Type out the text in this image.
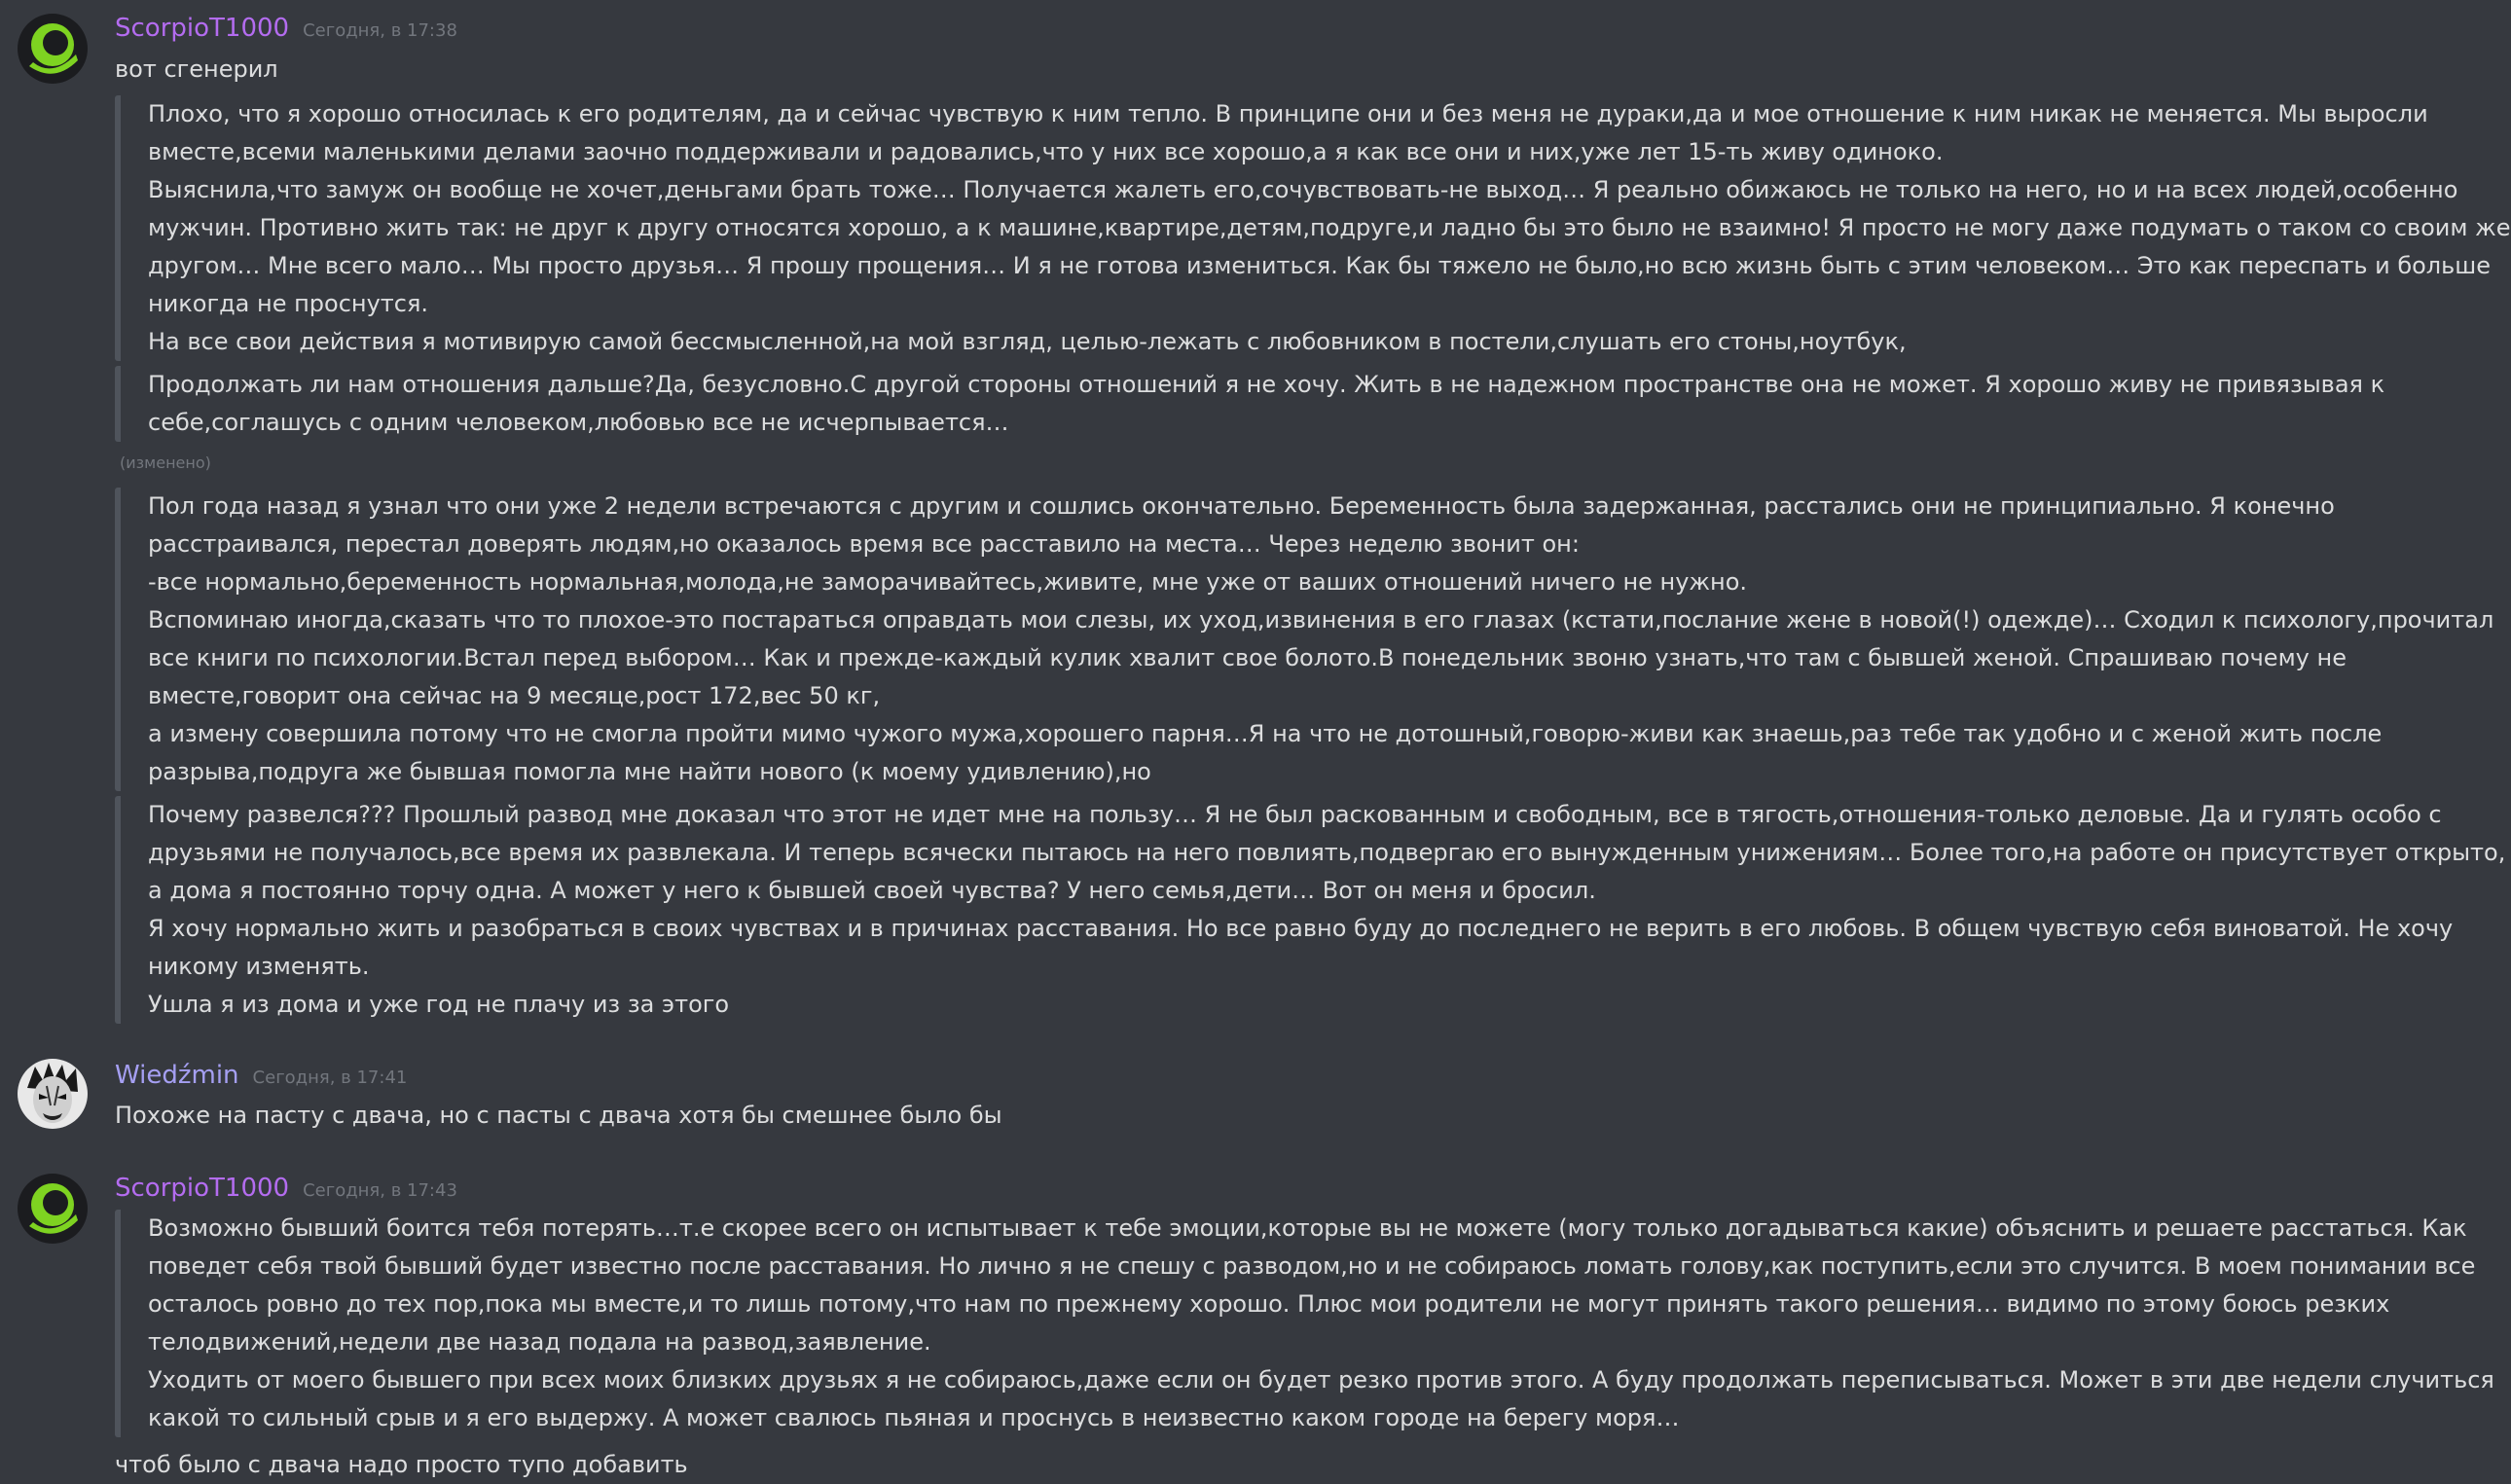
ScorpioT1000 Сегодня, в 17:38
вот сгенерил
Плохо, что я хорошо относилась к его родителям, да и сейчас чувствую к ним тепло. В принципе они и без меня не дураки,да и мое отношение к ним никак не меняется. Мы выросли
вместе,всеми маленькими делами заочно поддерживали и радовались,что у них все хорошо,а я как все они и них,уже лет 15-ть живу одиноко.
Выяснила,что замуж он вообще не хочет,деньгами брать тоже… Получается жалеть его,сочувствовать-не выход… Я реально обижаюсь не только на него, но и на всех людей,особенно
мужчин. Противно жить так: не друг к другу относятся хорошо, а к машине,квартире,детям,подруге,и ладно бы это было не взаимно! Я просто не могу даже подумать о таком со своим же
другом… Мне всего мало… Мы просто друзья… Я прошу прощения… И я не готова измениться. Как бы тяжело не было,но всю жизнь быть с этим человеком… Это как переспать и больше
никогда не проснутся.
На все свои действия я мотивирую самой бессмысленной,на мой взгляд, целью-лежать с любовником в постели,слушать его стоны,ноутбук,
Продолжать ли нам отношения дальше?Да, безусловно.С другой стороны отношений я не хочу. Жить в не надежном пространстве она не может. Я хорошо живу не привязывая к
себе,соглашусь с одним человеком,любовью все не исчерпывается…
(изменено)
Пол года назад я узнал что они уже 2 недели встречаются с другим и сошлись окончательно. Беременность была задержанная, расстались они не принципиально. Я конечно
расстраивался, перестал доверять людям,но оказалось время все расставило на места… Через неделю звонит он:
-все нормально,беременность нормальная,молода,не заморачивайтесь,живите, мне уже от ваших отношений ничего не нужно.
Вспоминаю иногда,сказать что то плохое-это постараться оправдать мои слезы, их уход,извинения в его глазах (кстати,послание жене в новой(!) одежде)… Сходил к психологу,прочитал
все книги по психологии.Встал перед выбором… Как и прежде-каждый кулик хвалит свое болото.В понедельник звоню узнать,что там с бывшей женой. Спрашиваю почему не
вместе,говорит она сейчас на 9 месяце,рост 172,вес 50 кг,
а измену совершила потому что не смогла пройти мимо чужого мужа,хорошего парня…Я на что не дотошный,говорю-живи как знаешь,раз тебе так удобно и с женой жить после
разрыва,подруга же бывшая помогла мне найти нового (к моему удивлению),но
Почему развелся??? Прошлый развод мне доказал что этот не идет мне на пользу… Я не был раскованным и свободным, все в тягость,отношения-только деловые. Да и гулять особо с
друзьями не получалось,все время их развлекала. И теперь всячески пытаюсь на него повлиять,подвергаю его вынужденным унижениям… Более того,на работе он присутствует открыто,
а дома я постоянно торчу одна. А может у него к бывшей своей чувства? У него семья,дети… Вот он меня и бросил.
Я хочу нормально жить и разобраться в своих чувствах и в причинах расставания. Но все равно буду до последнего не верить в его любовь. В общем чувствую себя виноватой. Не хочу
никому изменять.
Ушла я из дома и уже год не плачу из за этого
Wiedźmin Сегодня, в 17:41
Похоже на пасту с двача, но с пасты с двача хотя бы смешнее было бы
ScorpioT1000 Сегодня, в 17:43
Возможно бывший боится тебя потерять…т.е скорее всего он испытывает к тебе эмоции,которые вы не можете (могу только догадываться какие) объяснить и решаете расстаться. Как
поведет себя твой бывший будет известно после расставания. Но лично я не спешу с разводом,но и не собираюсь ломать голову,как поступить,если это случится. В моем понимании все
осталось ровно до тех пор,пока мы вместе,и то лишь потому,что нам по прежнему хорошо. Плюс мои родители не могут принять такого решения… видимо по этому боюсь резких
телодвижений,недели две назад подала на развод,заявление.
Уходить от моего бывшего при всех моих близких друзьях я не собираюсь,даже если он будет резко против этого. А буду продолжать переписываться. Может в эти две недели случиться
какой то сильный срыв и я его выдержу. А может свалюсь пьяная и проснусь в неизвестно каком городе на берегу моря…
чтоб было с двача надо просто тупо добавить
